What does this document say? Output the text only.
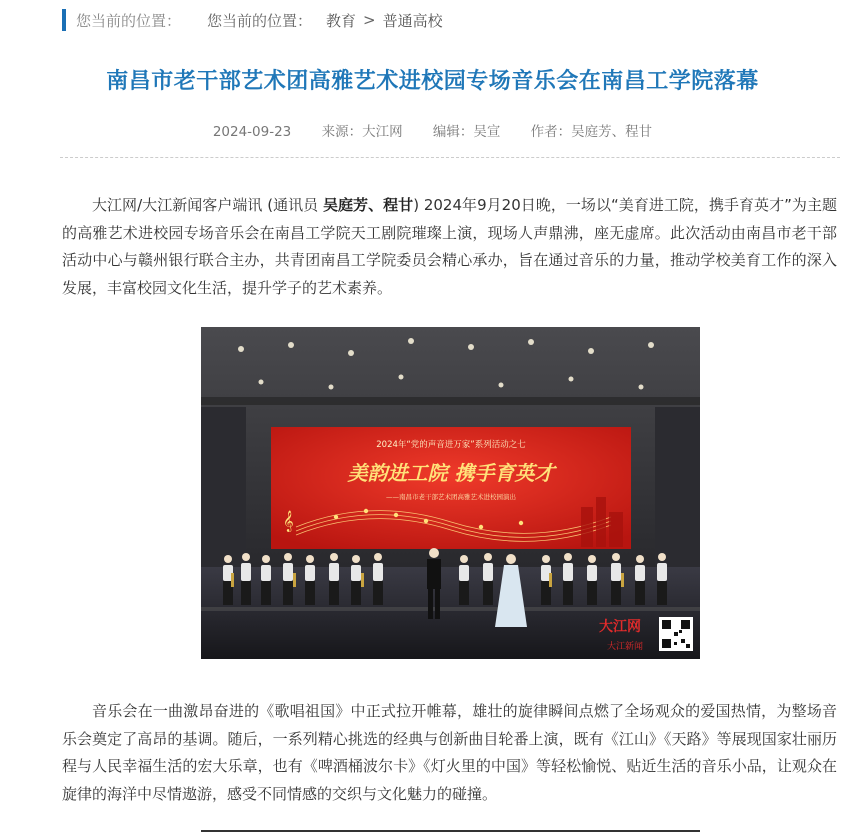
您当前的位置： 您当前的位置： 教育 > 普通高校
南昌市老干部艺术团高雅艺术进校园专场音乐会在南昌工学院落幕
2024-09-23 来源：大江网 编辑：吴宣 作者：吴庭芳、程甘

大江网/大江新闻客户端讯 (通讯员 吴庭芳、程甘) 2024年9月20日晚，一场以“美育进工院，携手育英才”为主题的高雅艺术进校园专场音乐会在南昌工学院天工剧院璀璨上演，现场人声鼎沸，座无虚席。此次活动由南昌市老干部活动中心与赣州银行联合主办，共青团南昌工学院委员会精心承办，旨在通过音乐的力量，推动学校美育工作的深入发展，丰富校园文化生活，提升学子的艺术素养。

2024年“党的声音进万家”系列活动之七
美韵进工院 携手育英才
——南昌市老干部艺术团高雅艺术进校园演出
𝄞
大江网
大江新闻

音乐会在一曲激昂奋进的《歌唱祖国》中正式拉开帷幕，雄壮的旋律瞬间点燃了全场观众的爱国热情，为整场音乐会奠定了高昂的基调。随后，一系列精心挑选的经典与创新曲目轮番上演，既有《江山》《天路》等展现国家壮丽历程与人民幸福生活的宏大乐章，也有《啤酒桶波尔卡》《灯火里的中国》等轻松愉悦、贴近生活的音乐小品，让观众在旋律的海洋中尽情遨游，感受不同情感的交织与文化魅力的碰撞。
